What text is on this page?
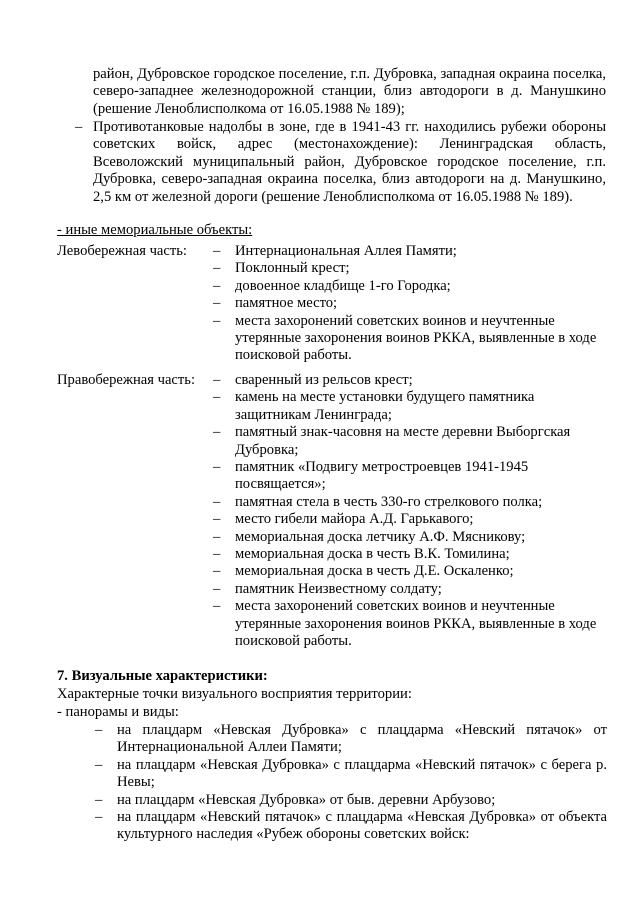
район, Дубровское городское поселение, г.п. Дубровка, западная окраина поселка, северо-западнее железнодорожной станции, близ автодороги в д. Манушкино (решение Леноблисполкома от 16.05.1988 № 189);
– Противотанковые надолбы в зоне, где в 1941-43 гг. находились рубежи обороны советских войск, адрес (местонахождение): Ленинградская область, Всеволожский муниципальный район, Дубровское городское поселение, г.п. Дубровка, северо-западная окраина поселка, близ автодороги на д. Манушкино, 2,5 км от железной дороги (решение Леноблисполкома от 16.05.1988 № 189).
- иные мемориальные объекты:
Левобережная часть: – Интернациональная Аллея Памяти;
– Поклонный крест;
– довоенное кладбище 1-го Городка;
– памятное место;
– места захоронений советских воинов и неучтенные утерянные захоронения воинов РККА, выявленные в ходе поисковой работы.
Правобережная часть: – сваренный из рельсов крест;
– камень на месте установки будущего памятника защитникам Ленинграда;
– памятный знак-часовня на месте деревни Выборгская Дубровка;
– памятник «Подвигу метростроевцев 1941-1945 посвящается»;
– памятная стела в честь 330-го стрелкового полка;
– место гибели майора А.Д. Гарькавого;
– мемориальная доска летчику А.Ф. Мясникову;
– мемориальная доска в честь В.К. Томилина;
– мемориальная доска в честь Д.Е. Оскаленко;
– памятник Неизвестному солдату;
– места захоронений советских воинов и неучтенные утерянные захоронения воинов РККА, выявленные в ходе поисковой работы.
7. Визуальные характеристики:
Характерные точки визуального восприятия территории:
- панорамы и виды:
– на плацдарм «Невская Дубровка» с плацдарма «Невский пятачок» от Интернациональной Аллеи Памяти;
– на плацдарм «Невская Дубровка» с плацдарма «Невский пятачок» с берега р. Невы;
– на плацдарм «Невская Дубровка» от быв. деревни Арбузово;
– на плацдарм «Невский пятачок» с плацдарма «Невская Дубровка» от объекта культурного наследия «Рубеж обороны советских войск:
